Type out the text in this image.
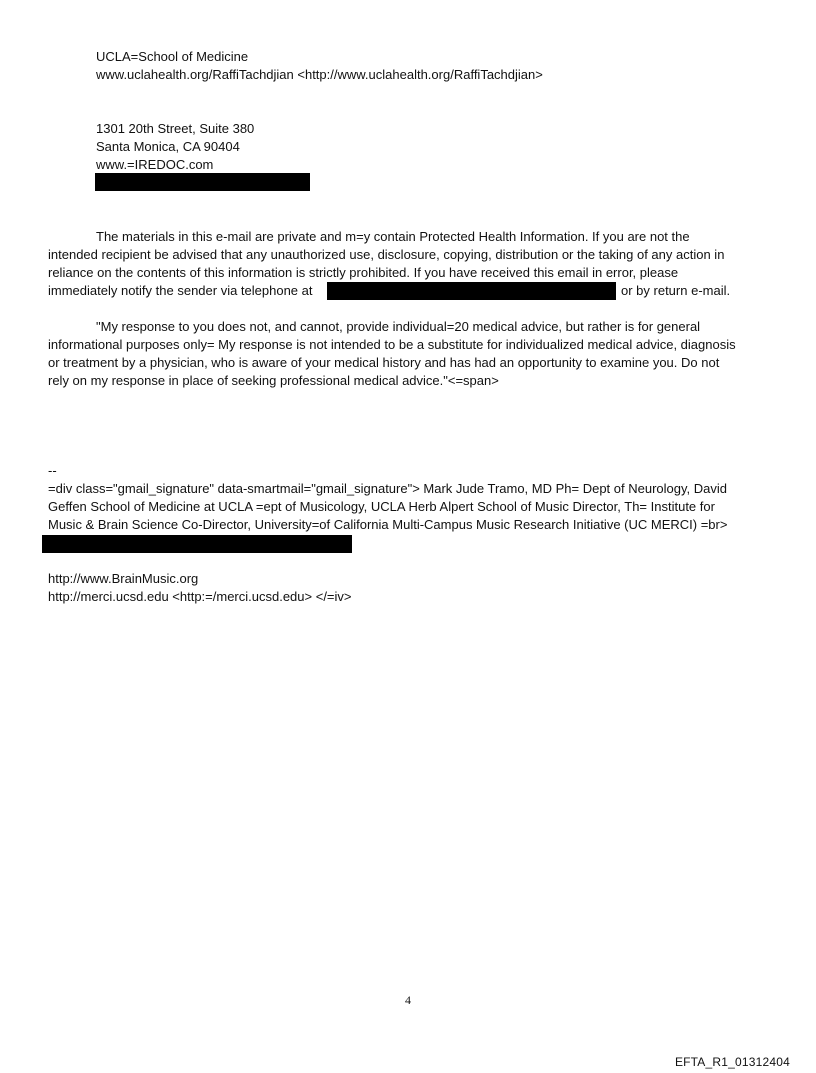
UCLA=School of Medicine
www.uclahealth.org/RaffiTachdjian <http://www.uclahealth.org/RaffiTachdjian>
1301 20th Street, Suite 380
Santa Monica, CA 90404
www.=IREDOC.com
The materials in this e-mail are private and m=y contain Protected Health Information. If you are not the
intended recipient be advised that any unauthorized use, disclosure, copying, distribution or the taking of any action in
reliance on the contents of this information is strictly prohibited. If you have received this email in error, please
immediately notify the sender via telephone at	or by return e-mail.
"My response to you does not, and cannot, provide individual=20 medical advice, but rather is for general
informational purposes only= My response is not intended to be a substitute for individualized medical advice, diagnosis
or treatment by a physician, who is aware of your medical history and has had an opportunity to examine you. Do not
rely on my response in place of seeking professional medical advice."<=span>
--
=div class="gmail_signature" data-smartmail="gmail_signature"> Mark Jude Tramo, MD Ph= Dept of Neurology, David
Geffen School of Medicine at UCLA =ept of Musicology, UCLA Herb Alpert School of Music Director, Th= Institute for
Music & Brain Science Co-Director, University=of California Multi-Campus Music Research Initiative (UC MERCI) =br>
http://www.BrainMusic.org
http://merci.ucsd.edu <http:=/merci.ucsd.edu> </=iv>
4
EFTA_R1_01312404
